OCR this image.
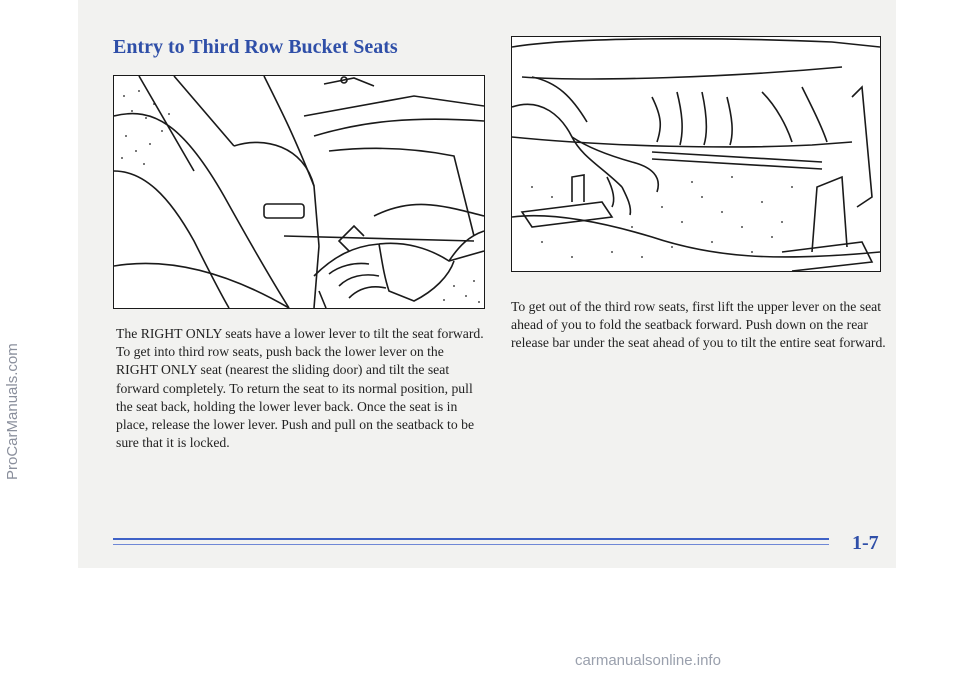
Entry to Third Row Bucket Seats

The RIGHT ONLY seats have a lower lever to tilt the seat forward. To get into third row seats, push back the lower lever on the RIGHT ONLY seat (nearest the sliding door) and tilt the seat forward completely. To return the seat to its normal position, pull the seat back, holding the lower lever back. Once the seat is in place, release the lower lever. Push and pull on the seatback to be sure that it is locked.

To get out of the third row seats, first lift the upper lever on the seat ahead of you to fold the seatback forward. Push down on the rear release bar under the seat ahead of you to tilt the entire seat forward.

ProCarManuals.com
1-7
carmanualsonline.info
